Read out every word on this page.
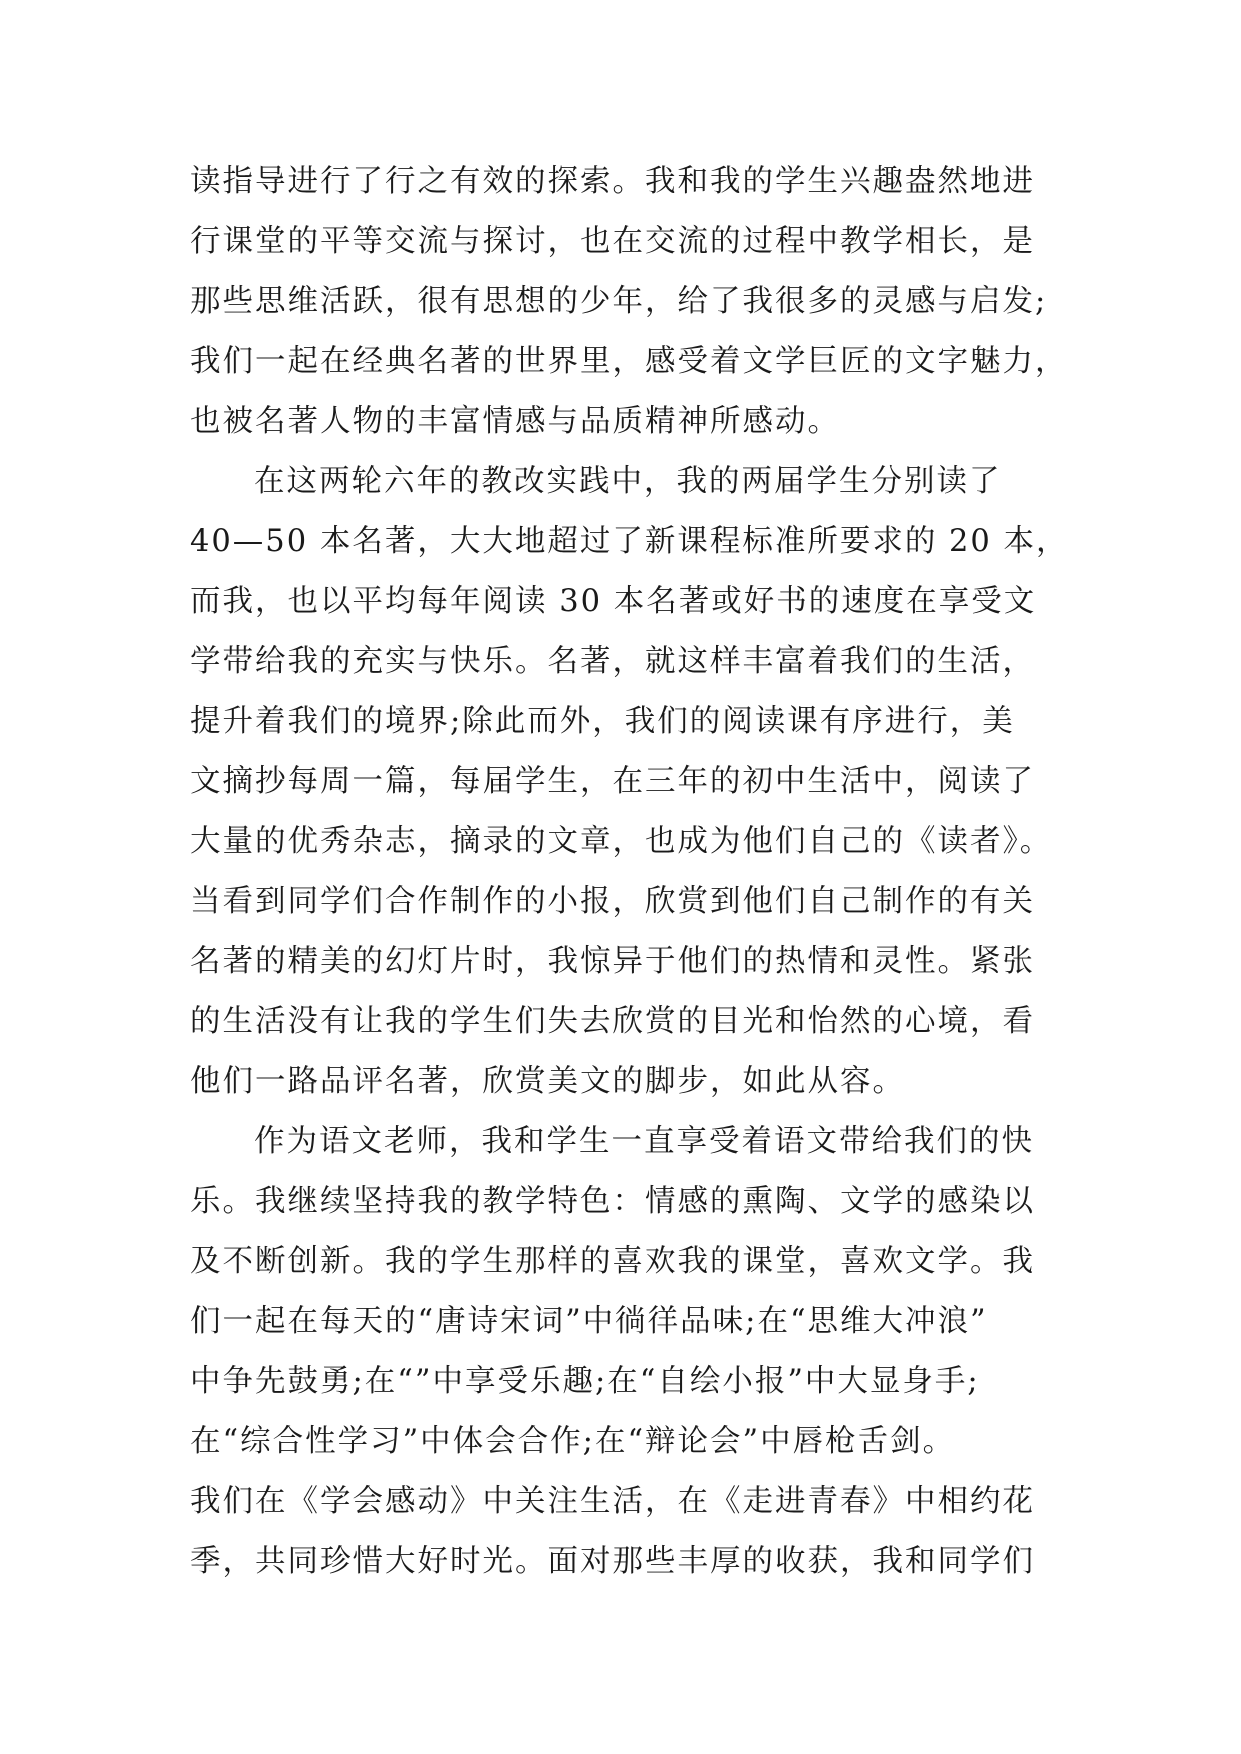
读指导进行了行之有效的探索。我和我的学生兴趣盎然地进
行课堂的平等交流与探讨，也在交流的过程中教学相长，是
那些思维活跃，很有思想的少年，给了我很多的灵感与启发;
我们一起在经典名著的世界里，感受着文学巨匠的文字魅力，
也被名著人物的丰富情感与品质精神所感动。
在这两轮六年的教改实践中，我的两届学生分别读了
40—50 本名著，大大地超过了新课程标准所要求的 20 本，
而我，也以平均每年阅读 30 本名著或好书的速度在享受文
学带给我的充实与快乐。名著，就这样丰富着我们的生活，
提升着我们的境界;除此而外，我们的阅读课有序进行，美
文摘抄每周一篇，每届学生，在三年的初中生活中，阅读了
大量的优秀杂志，摘录的文章，也成为他们自己的《读者》。
当看到同学们合作制作的小报，欣赏到他们自己制作的有关
名著的精美的幻灯片时，我惊异于他们的热情和灵性。紧张
的生活没有让我的学生们失去欣赏的目光和怡然的心境，看
他们一路品评名著，欣赏美文的脚步，如此从容。
作为语文老师，我和学生一直享受着语文带给我们的快
乐。我继续坚持我的教学特色：情感的熏陶、文学的感染以
及不断创新。我的学生那样的喜欢我的课堂，喜欢文学。我
们一起在每天的“唐诗宋词”中徜徉品味;在“思维大冲浪”
中争先鼓勇;在“”中享受乐趣;在“自绘小报”中大显身手;
在“综合性学习”中体会合作;在“辩论会”中唇枪舌剑。
我们在《学会感动》中关注生活，在《走进青春》中相约花
季，共同珍惜大好时光。面对那些丰厚的收获，我和同学们
